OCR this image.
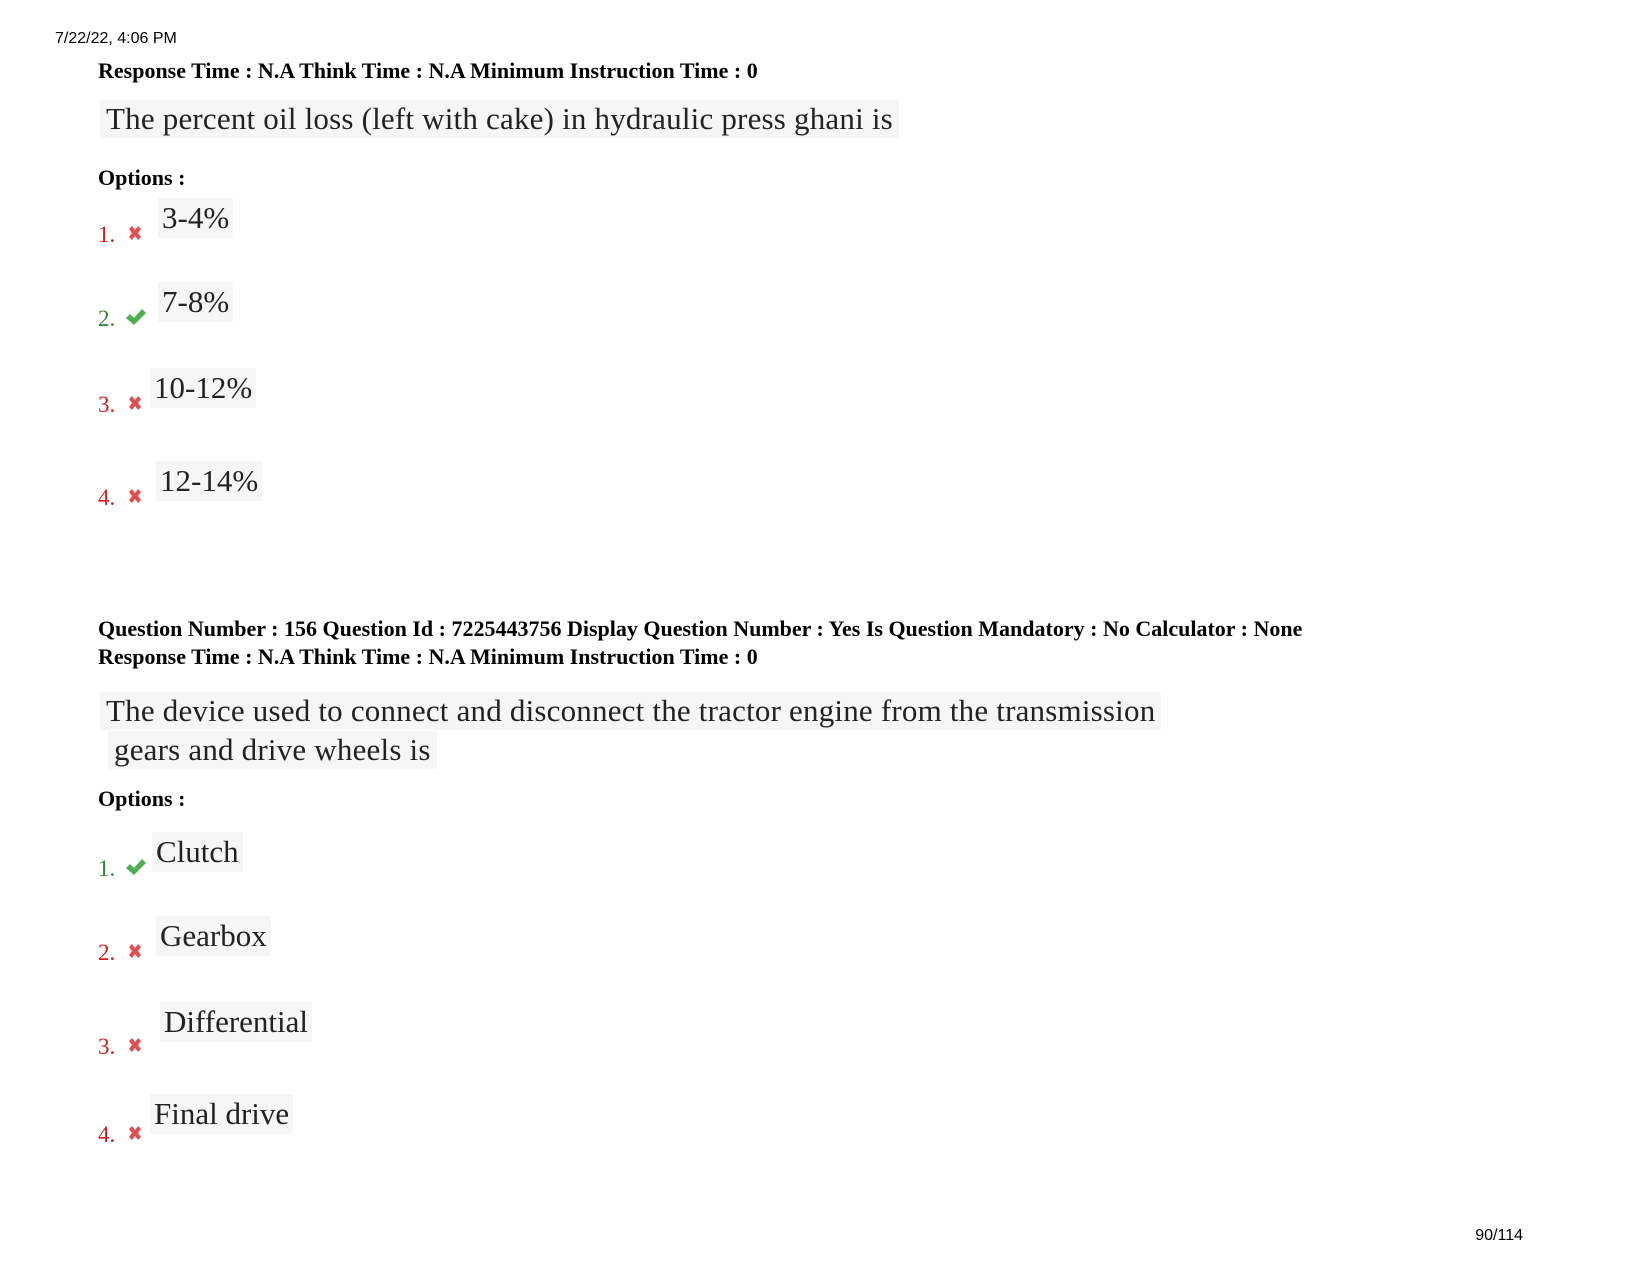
7/22/22, 4:06 PM
Response Time : N.A Think Time : N.A Minimum Instruction Time : 0
The percent oil loss (left with cake) in hydraulic press ghani is
Options :
1. 3-4%
2. 7-8%
3. 10-12%
4. 12-14%
Question Number : 156 Question Id : 7225443756 Display Question Number : Yes Is Question Mandatory : No Calculator : None
Response Time : N.A Think Time : N.A Minimum Instruction Time : 0
The device used to connect and disconnect the tractor engine from the transmission
gears and drive wheels is
Options :
1. Clutch
2. Gearbox
3.
Differential
4.
Final drive
90/114
